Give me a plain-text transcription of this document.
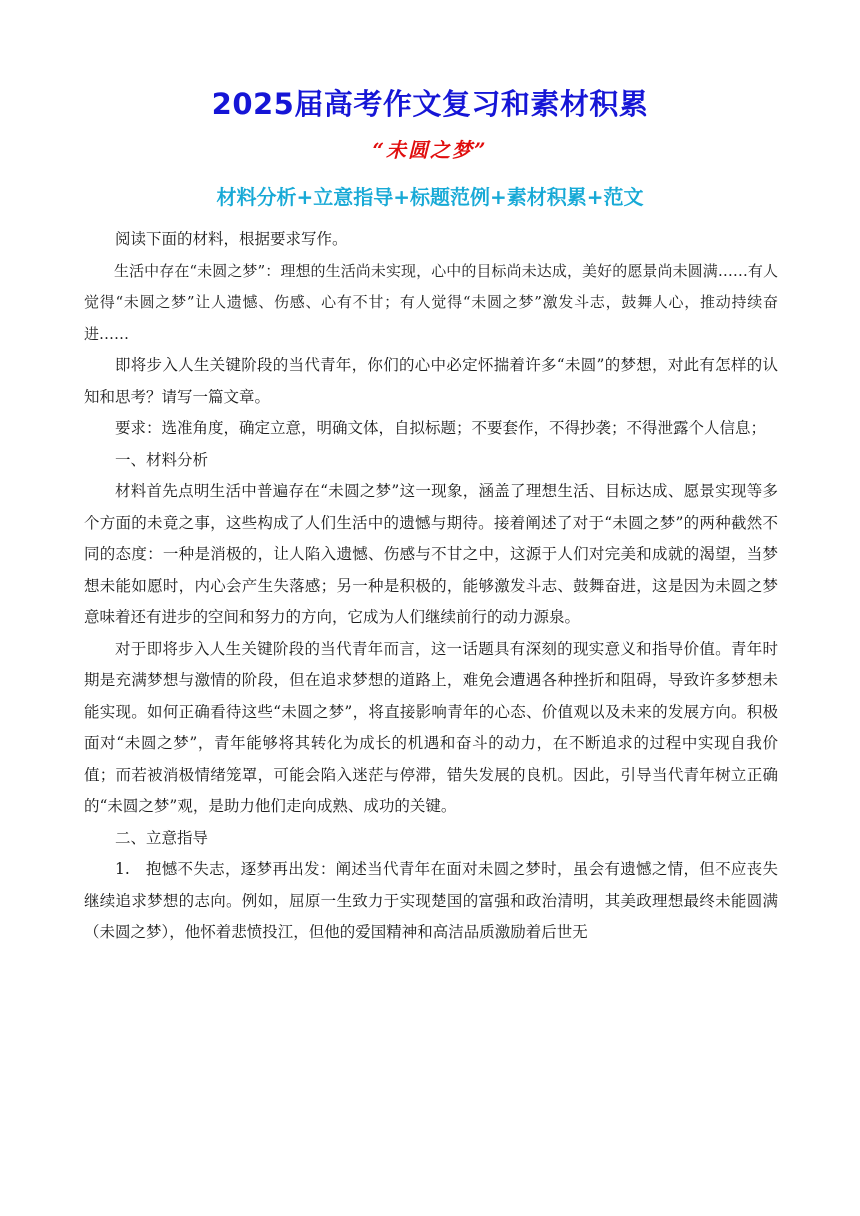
2025届高考作文复习和素材积累
“未圆之梦”
材料分析+立意指导+标题范例+素材积累+范文

阅读下面的材料，根据要求写作。

生活中存在“未圆之梦”：理想的生活尚未实现，心中的目标尚未达成，美好的愿景尚未圆满……有人觉得“未圆之梦”让人遗憾、伤感、心有不甘；有人觉得“未圆之梦”激发斗志，鼓舞人心，推动持续奋进……

即将步入人生关键阶段的当代青年，你们的心中必定怀揣着许多“未圆”的梦想，对此有怎样的认知和思考？请写一篇文章。

要求：选准角度，确定立意，明确文体，自拟标题；不要套作，不得抄袭；不得泄露个人信息；

一、材料分析

材料首先点明生活中普遍存在“未圆之梦”这一现象，涵盖了理想生活、目标达成、愿景实现等多个方面的未竟之事，这些构成了人们生活中的遗憾与期待。接着阐述了对于“未圆之梦”的两种截然不同的态度：一种是消极的，让人陷入遗憾、伤感与不甘之中，这源于人们对完美和成就的渴望，当梦想未能如愿时，内心会产生失落感；另一种是积极的，能够激发斗志、鼓舞奋进，这是因为未圆之梦意味着还有进步的空间和努力的方向，它成为人们继续前行的动力源泉。

对于即将步入人生关键阶段的当代青年而言，这一话题具有深刻的现实意义和指导价值。青年时期是充满梦想与激情的阶段，但在追求梦想的道路上，难免会遭遇各种挫折和阻碍，导致许多梦想未能实现。如何正确看待这些“未圆之梦”，将直接影响青年的心态、价值观以及未来的发展方向。积极面对“未圆之梦”，青年能够将其转化为成长的机遇和奋斗的动力，在不断追求的过程中实现自我价值；而若被消极情绪笼罩，可能会陷入迷茫与停滞，错失发展的良机。因此，引导当代青年树立正确的“未圆之梦”观，是助力他们走向成熟、成功的关键。

二、立意指导

1.　抱憾不失志，逐梦再出发：阐述当代青年在面对未圆之梦时，虽会有遗憾之情，但不应丧失继续追求梦想的志向。例如，屈原一生致力于实现楚国的富强和政治清明，其美政理想最终未能圆满（未圆之梦），他怀着悲愤投江，但他的爱国精神和高洁品质激励着后世无
